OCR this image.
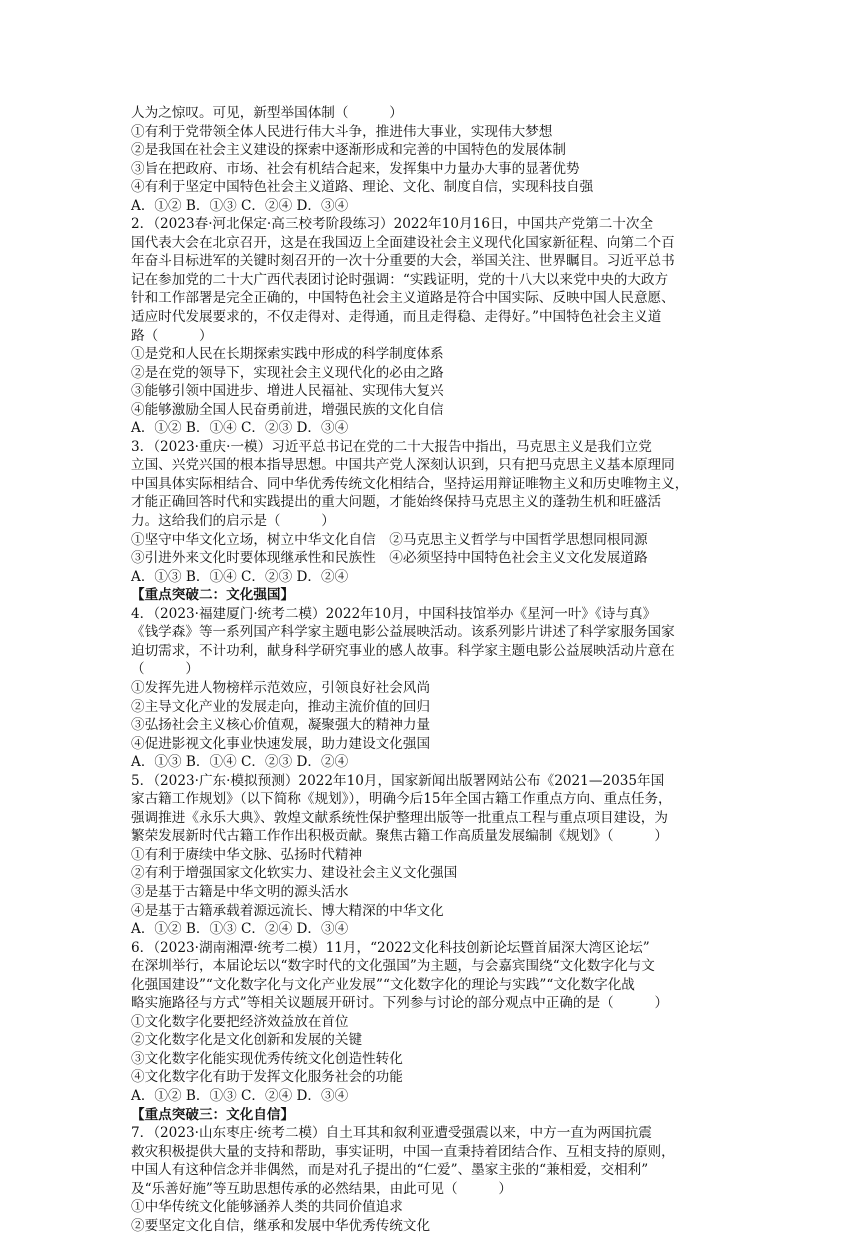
人为之惊叹。可见，新型举国体制（　　　）
①有利于党带领全体人民进行伟大斗争，推进伟大事业，实现伟大梦想
②是我国在社会主义建设的探索中逐渐形成和完善的中国特色的发展体制
③旨在把政府、市场、社会有机结合起来，发挥集中力量办大事的显著优势
④有利于坚定中国特色社会主义道路、理论、文化、制度自信，实现科技自强
A．①② B．①③ C．②④ D．③④
2．（2023春·河北保定·高三校考阶段练习）2022年10月16日，中国共产党第二十次全
国代表大会在北京召开，这是在我国迈上全面建设社会主义现代化国家新征程、向第二个百
年奋斗目标进军的关键时刻召开的一次十分重要的大会，举国关注、世界瞩目。习近平总书
记在参加党的二十大广西代表团讨论时强调：“实践证明，党的十八大以来党中央的大政方
针和工作部署是完全正确的，中国特色社会主义道路是符合中国实际、反映中国人民意愿、
适应时代发展要求的，不仅走得对、走得通，而且走得稳、走得好。”中国特色社会主义道
路（　　　）
①是党和人民在长期探索实践中形成的科学制度体系
②是在党的领导下，实现社会主义现代化的必由之路
③能够引领中国进步、增进人民福祉、实现伟大复兴
④能够激励全国人民奋勇前进，增强民族的文化自信
A．①② B．①④ C．②③ D．③④
3．（2023·重庆·一模）习近平总书记在党的二十大报告中指出，马克思主义是我们立党
立国、兴党兴国的根本指导思想。中国共产党人深刻认识到，只有把马克思主义基本原理同
中国具体实际相结合、同中华优秀传统文化相结合，坚持运用辩证唯物主义和历史唯物主义，
才能正确回答时代和实践提出的重大问题，才能始终保持马克思主义的蓬勃生机和旺盛活
力。这给我们的启示是（　　　）
①坚守中华文化立场，树立中华文化自信　②马克思主义哲学与中国哲学思想同根同源
③引进外来文化时要体现继承性和民族性　④必须坚持中国特色社会主义文化发展道路
A．①③ B．①④ C．②③ D．②④
【重点突破二：文化强国】
4．（2023·福建厦门·统考二模）2022年10月，中国科技馆举办《星河一叶》《诗与真》
《钱学森》等一系列国产科学家主题电影公益展映活动。该系列影片讲述了科学家服务国家
迫切需求，不计功利，献身科学研究事业的感人故事。科学家主题电影公益展映活动片意在
（　　　）
①发挥先进人物榜样示范效应，引领良好社会风尚
②主导文化产业的发展走向，推动主流价值的回归
③弘扬社会主义核心价值观，凝聚强大的精神力量
④促进影视文化事业快速发展，助力建设文化强国
A．①③ B．①④ C．②③ D．②④
5．（2023·广东·模拟预测）2022年10月，国家新闻出版署网站公布《2021—2035年国
家古籍工作规划》（以下简称《规划》），明确今后15年全国古籍工作重点方向、重点任务，
强调推进《永乐大典》、敦煌文献系统性保护整理出版等一批重点工程与重点项目建设，为
繁荣发展新时代古籍工作作出积极贡献。聚焦古籍工作高质量发展编制《规划》（　　　）
①有利于赓续中华文脉、弘扬时代精神
②有利于增强国家文化软实力、建设社会主义文化强国
③是基于古籍是中华文明的源头活水
④是基于古籍承载着源远流长、博大精深的中华文化
A．①② B．①③ C．②④ D．③④
6．（2023·湖南湘潭·统考二模）11月，“2022文化科技创新论坛暨首届深大湾区论坛”
在深圳举行，本届论坛以“数字时代的文化强国”为主题，与会嘉宾围绕“文化数字化与文
化强国建设”“文化数字化与文化产业发展”“文化数字化的理论与实践”“文化数字化战
略实施路径与方式”等相关议题展开研讨。下列参与讨论的部分观点中正确的是（　　　）
①文化数字化要把经济效益放在首位
②文化数字化是文化创新和发展的关键
③文化数字化能实现优秀传统文化创造性转化
④文化数字化有助于发挥文化服务社会的功能
A．①② B．①③ C．②④ D．③④
【重点突破三：文化自信】
7．（2023·山东枣庄·统考二模）自土耳其和叙利亚遭受强震以来，中方一直为两国抗震
救灾积极提供大量的支持和帮助，事实证明，中国一直秉持着团结合作、互相支持的原则，
中国人有这种信念并非偶然，而是对孔子提出的“仁爱”、墨家主张的“兼相爱，交相利”
及“乐善好施”等互助思想传承的必然结果，由此可见（　　　）
①中华传统文化能够涵养人类的共同价值追求
②要坚定文化自信，继承和发展中华优秀传统文化
